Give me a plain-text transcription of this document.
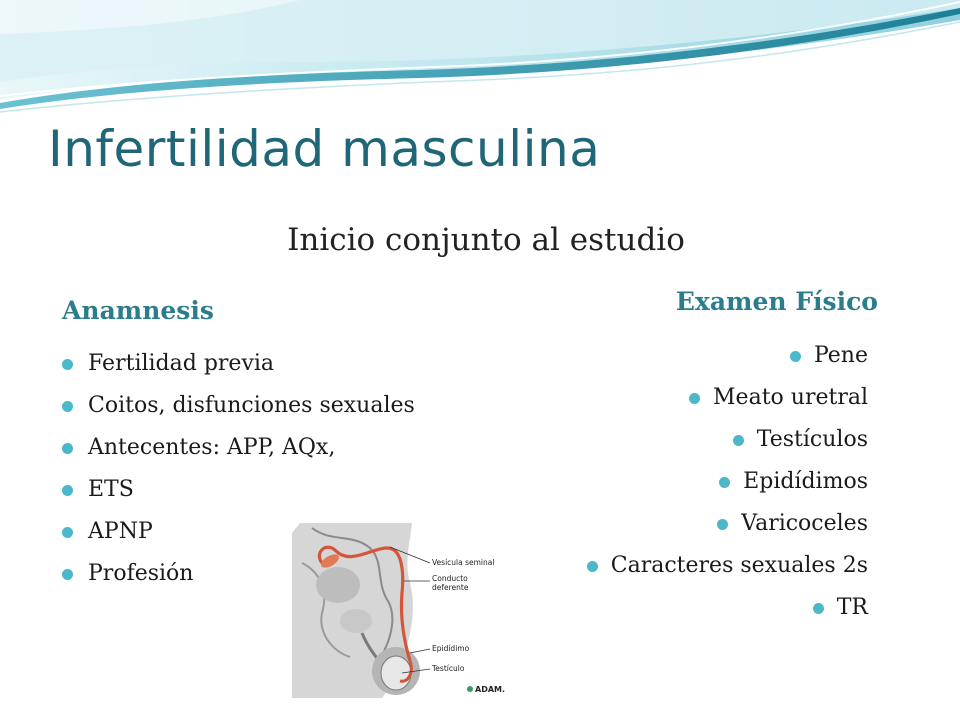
Infertilidad masculina
Inicio conjunto al estudio
Anamnesis	Examen Físico
Fertilidad previa
Coitos, disfunciones sexuales
Antecentes: APP, AQx,
ETS
APNP
Profesión
Pene
Meato uretral
Testículos
Epidídimos
Varicoceles
Caracteres sexuales 2s
TR
Vesícula seminal
Conducto
deferente
Epidídimo
Testículo
ADAM.
